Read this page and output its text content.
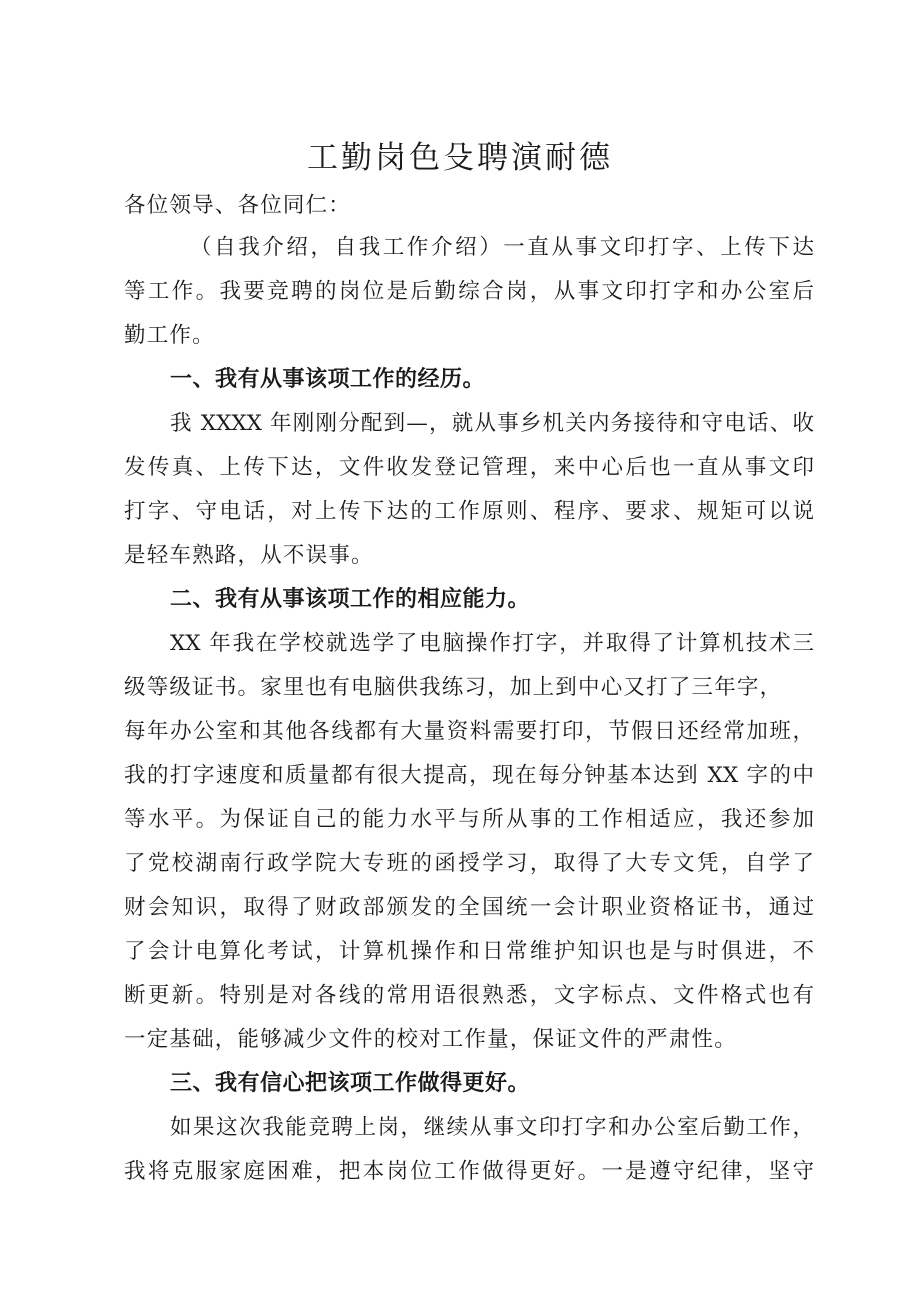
工勤岗色殳聘演耐德
各位领导、各位同仁：
（自我介绍，自我工作介绍）一直从事文印打字、上传下达
等工作。我要竞聘的岗位是后勤综合岗，从事文印打字和办公室后
勤工作。
一、我有从事该项工作的经历。
我 XXXX 年刚刚分配到—，就从事乡机关内务接待和守电话、收
发传真、上传下达，文件收发登记管理，来中心后也一直从事文印
打字、守电话，对上传下达的工作原则、程序、要求、规矩可以说
是轻车熟路，从不误事。
二、我有从事该项工作的相应能力。
XX 年我在学校就选学了电脑操作打字，并取得了计算机技术三
级等级证书。家里也有电脑供我练习，加上到中心又打了三年字，
每年办公室和其他各线都有大量资料需要打印，节假日还经常加班，
我的打字速度和质量都有很大提高，现在每分钟基本达到 XX 字的中
等水平。为保证自己的能力水平与所从事的工作相适应，我还参加
了党校湖南行政学院大专班的函授学习，取得了大专文凭，自学了
财会知识，取得了财政部颁发的全国统一会计职业资格证书，通过
了会计电算化考试，计算机操作和日常维护知识也是与时俱进，不
断更新。特别是对各线的常用语很熟悉，文字标点、文件格式也有
一定基础，能够减少文件的校对工作量，保证文件的严肃性。
三、我有信心把该项工作做得更好。
如果这次我能竞聘上岗，继续从事文印打字和办公室后勤工作，
我将克服家庭困难，把本岗位工作做得更好。一是遵守纪律，坚守
